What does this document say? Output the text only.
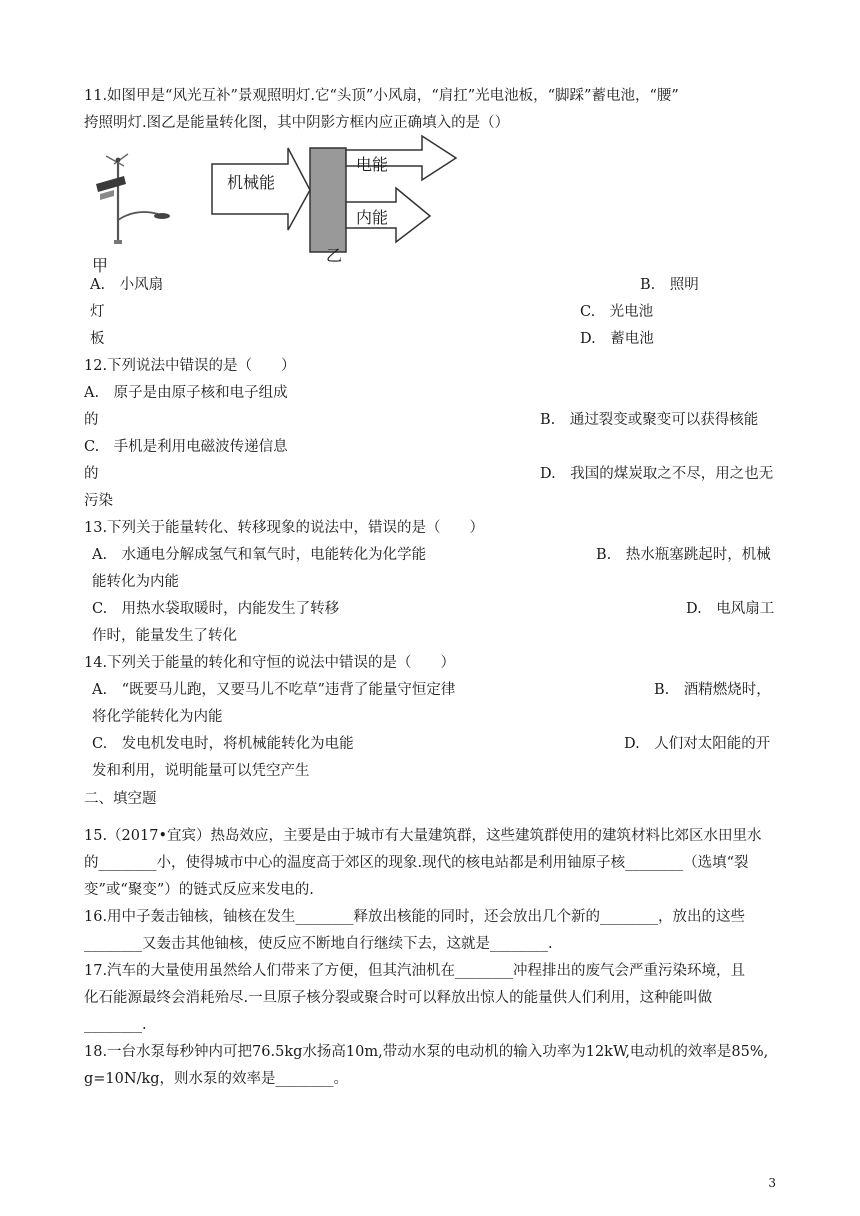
11.如图甲是“风光互补”景观照明灯.它“头顶”小风扇，“肩扛”光电池板，“脚踩”蓄电池，“腰”
挎照明灯.图乙是能量转化图，其中阴影方框内应正确填入的是（）
甲
机械能
电能
内能
乙
A.　小风扇	B.　照明
灯	C.　光电池
板	D.　蓄电池
12.下列说法中错误的是（　　）
A.　原子是由原子核和电子组成
的	B.　通过裂变或聚变可以获得核能
C.　手机是利用电磁波传递信息
的	D.　我国的煤炭取之不尽，用之也无
污染
13.下列关于能量转化、转移现象的说法中，错误的是（　　）
A.　水通电分解成氢气和氧气时，电能转化为化学能	B.　热水瓶塞跳起时，机械
能转化为内能
C.　用热水袋取暖时，内能发生了转移	D.　电风扇工
作时，能量发生了转化
14.下列关于能量的转化和守恒的说法中错误的是（　　）
A.　“既要马儿跑，又要马儿不吃草”违背了能量守恒定律	B.　酒精燃烧时，
将化学能转化为内能
C.　发电机发电时，将机械能转化为电能	D.　人们对太阳能的开
发和利用，说明能量可以凭空产生
二、填空题
15.（2017•宜宾）热岛效应，主要是由于城市有大量建筑群，这些建筑群使用的建筑材料比郊区水田里水
的________小，使得城市中心的温度高于郊区的现象.现代的核电站都是利用铀原子核________（选填“裂
变”或“聚变”）的链式反应来发电的.
16.用中子轰击铀核，铀核在发生________释放出核能的同时，还会放出几个新的________，放出的这些
________又轰击其他铀核，使反应不断地自行继续下去，这就是________.
17.汽车的大量使用虽然给人们带来了方便，但其汽油机在________冲程排出的废气会严重污染环境，且
化石能源最终会消耗殆尽.一旦原子核分裂或聚合时可以释放出惊人的能量供人们利用，这种能叫做
________.
18.一台水泵每秒钟内可把76.5kg水扬高10m,带动水泵的电动机的输入功率为12kW,电动机的效率是85%,
g=10N/kg，则水泵的效率是________。
3
